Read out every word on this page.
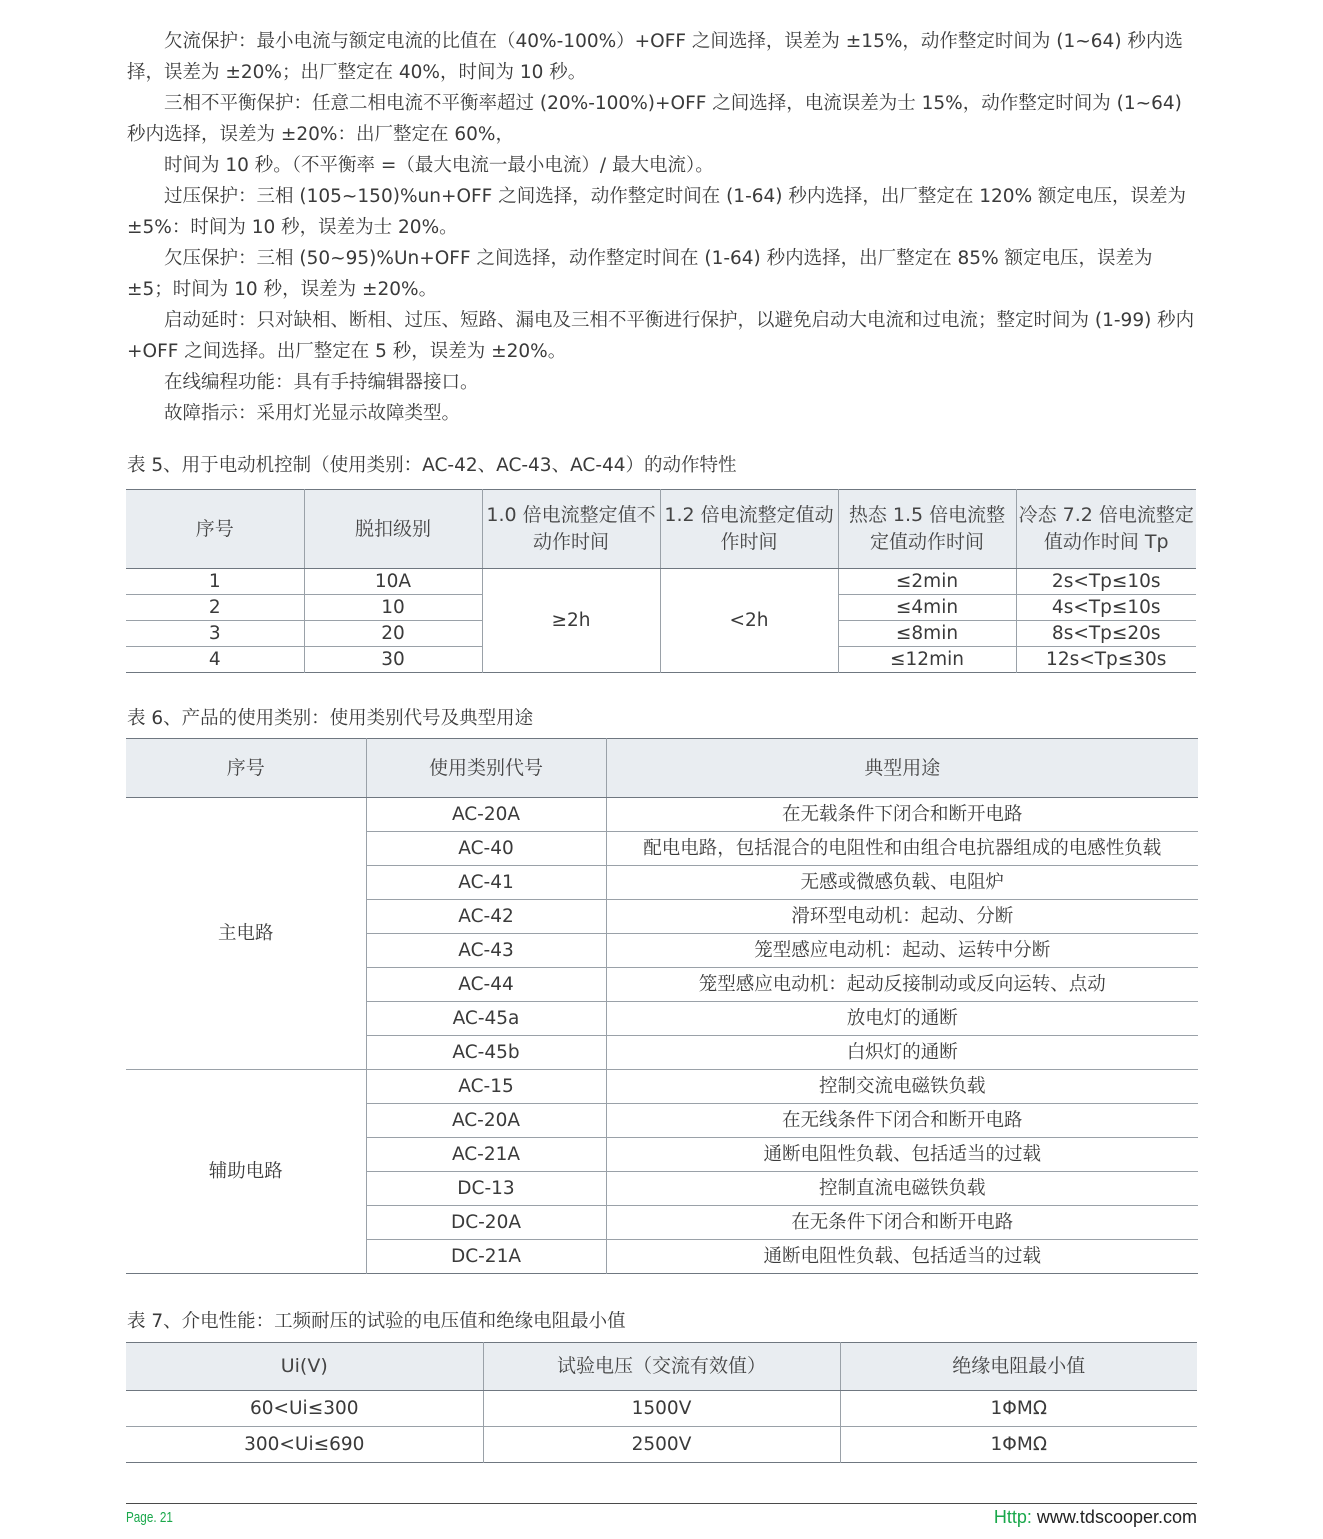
欠流保护：最小电流与额定电流的比值在（40%-100%）+OFF 之间选择，误差为 ±15%，动作整定时间为 (1~64) 秒内选择，误差为 ±20%；出厂整定在 40%，时间为 10 秒。

三相不平衡保护：任意二相电流不平衡率超过 (20%-100%)+OFF 之间选择，电流误差为士 15%，动作整定时间为 (1~64) 秒内选择，误差为 ±20%：出厂整定在 60%，

时间为 10 秒。（不平衡率 =（最大电流一最小电流）/ 最大电流）。

过压保护：三相 (105~150)%un+OFF 之间选择，动作整定时间在 (1-64) 秒内选择，出厂整定在 120% 额定电压，误差为 ±5%：时间为 10 秒，误差为士 20%。

欠压保护：三相 (50~95)%Un+OFF 之间选择，动作整定时间在 (1-64) 秒内选择，出厂整定在 85% 额定电压，误差为 ±5；时间为 10 秒，误差为 ±20%。

启动延时：只对缺相、断相、过压、短路、漏电及三相不平衡进行保护，以避免启动大电流和过电流；整定时间为 (1-99) 秒内 +OFF 之间选择。出厂整定在 5 秒，误差为 ±20%。

在线编程功能：具有手持编辑器接口。

故障指示：采用灯光显示故障类型。

表 5、用于电动机控制（使用类别：AC-42、AC-43、AC-44）的动作特性
序号	脱扣级别	1.0 倍电流整定值不动作时间	1.2 倍电流整定值动作时间	热态 1.5 倍电流整定值动作时间	冷态 7.2 倍电流整定值动作时间 Tp
1	10A	≥2h	<2h	≤2min	2s<Tp≤10s
2	10			≤4min	4s<Tp≤10s
3	20			≤8min	8s<Tp≤20s
4	30			≤12min	12s<Tp≤30s
表 6、产品的使用类别：使用类别代号及典型用途
序号	使用类别代号	典型用途
主电路	AC-20A	在无载条件下闭合和断开电路
	AC-40	配电电路，包括混合的电阻性和由组合电抗器组成的电感性负载
	AC-41	无感或微感负载、电阻炉
	AC-42	滑环型电动机：起动、分断
	AC-43	笼型感应电动机：起动、运转中分断
	AC-44	笼型感应电动机：起动反接制动或反向运转、点动
	AC-45a	放电灯的通断
	AC-45b	白炽灯的通断
辅助电路	AC-15	控制交流电磁铁负载
	AC-20A	在无线条件下闭合和断开电路
	AC-21A	通断电阻性负载、包括适当的过载
	DC-13	控制直流电磁铁负载
	DC-20A	在无条件下闭合和断开电路
	DC-21A	通断电阻性负载、包括适当的过载
表 7、介电性能：工频耐压的试验的电压值和绝缘电阻最小值
Ui(V)	试验电压（交流有效值）	绝缘电阻最小值
60<Ui≤300	1500V	1ΦMΩ
300<Ui≤690	2500V	1ΦMΩ
Page. 21	Http: www.tdscooper.com
